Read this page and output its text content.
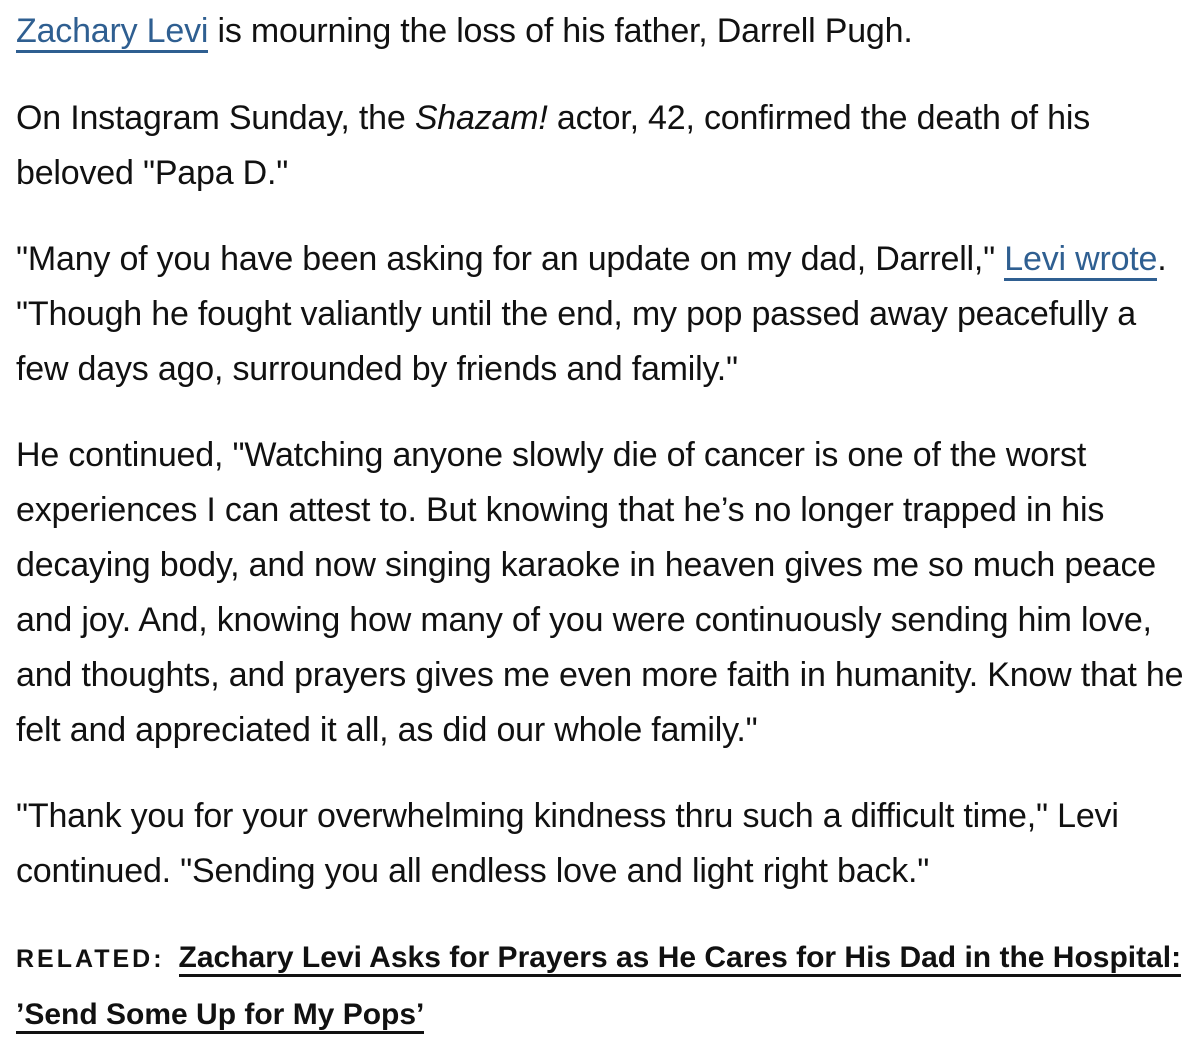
Zachary Levi is mourning the loss of his father, Darrell Pugh.

On Instagram Sunday, the Shazam! actor, 42, confirmed the death of his beloved "Papa D."

"Many of you have been asking for an update on my dad, Darrell," Levi wrote. "Though he fought valiantly until the end, my pop passed away peacefully a few days ago, surrounded by friends and family."

He continued, "Watching anyone slowly die of cancer is one of the worst experiences I can attest to. But knowing that he’s no longer trapped in his decaying body, and now singing karaoke in heaven gives me so much peace and joy. And, knowing how many of you were continuously sending him love, and thoughts, and prayers gives me even more faith in humanity. Know that he felt and appreciated it all, as did our whole family."

"Thank you for your overwhelming kindness thru such a difficult time," Levi continued. "Sending you all endless love and light right back."

RELATED: Zachary Levi Asks for Prayers as He Cares for His Dad in the Hospital: ’Send Some Up for My Pops’
